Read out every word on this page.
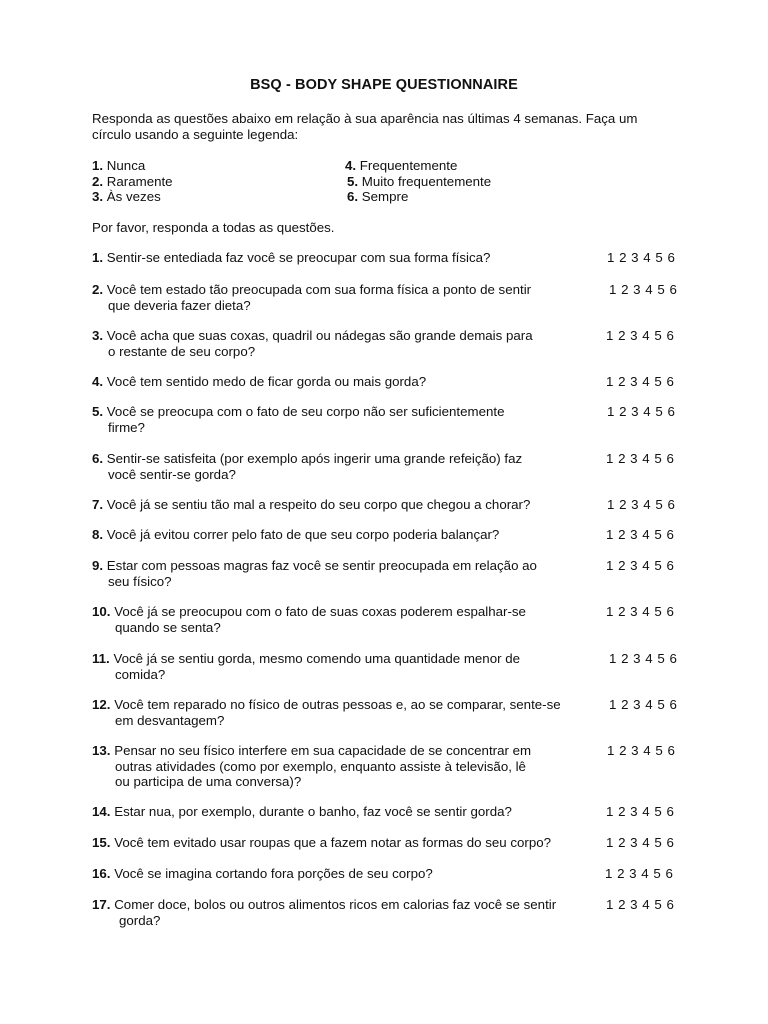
BSQ - BODY SHAPE QUESTIONNAIRE
Responda as questões abaixo em relação à sua aparência nas últimas 4 semanas. Faça um
círculo usando a seguinte legenda:
1. Nunca
2. Raramente
3. Às vezes
4. Frequentemente
5. Muito frequentemente
6. Sempre
Por favor, responda a todas as questões.
1. Sentir-se entediada faz você se preocupar com sua forma física?	1 2 3 4 5 6
2. Você tem estado tão preocupada com sua forma física a ponto de sentir
que deveria fazer dieta?
1 2 3 4 5 6
3. Você acha que suas coxas, quadril ou nádegas são grande demais para
o restante de seu corpo?
1 2 3 4 5 6
4. Você tem sentido medo de ficar gorda ou mais gorda?	1 2 3 4 5 6
5. Você se preocupa com o fato de seu corpo não ser suficientemente
firme?
1 2 3 4 5 6
6. Sentir-se satisfeita (por exemplo após ingerir uma grande refeição) faz
você sentir-se gorda?
1 2 3 4 5 6
7. Você já se sentiu tão mal a respeito do seu corpo que chegou a chorar?	1 2 3 4 5 6
8. Você já evitou correr pelo fato de que seu corpo poderia balançar?	1 2 3 4 5 6
9. Estar com pessoas magras faz você se sentir preocupada em relação ao
seu físico?
1 2 3 4 5 6
10. Você já se preocupou com o fato de suas coxas poderem espalhar-se
quando se senta?
1 2 3 4 5 6
11. Você já se sentiu gorda, mesmo comendo uma quantidade menor de
comida?
1 2 3 4 5 6
12. Você tem reparado no físico de outras pessoas e, ao se comparar, sente-se
em desvantagem?
1 2 3 4 5 6
13. Pensar no seu físico interfere em sua capacidade de se concentrar em
outras atividades (como por exemplo, enquanto assiste à televisão, lê
ou participa de uma conversa)?
1 2 3 4 5 6
14. Estar nua, por exemplo, durante o banho, faz você se sentir gorda?	1 2 3 4 5 6
15. Você tem evitado usar roupas que a fazem notar as formas do seu corpo?	1 2 3 4 5 6
16. Você se imagina cortando fora porções de seu corpo?	1 2 3 4 5 6
17. Comer doce, bolos ou outros alimentos ricos em calorias faz você se sentir
gorda?
1 2 3 4 5 6
